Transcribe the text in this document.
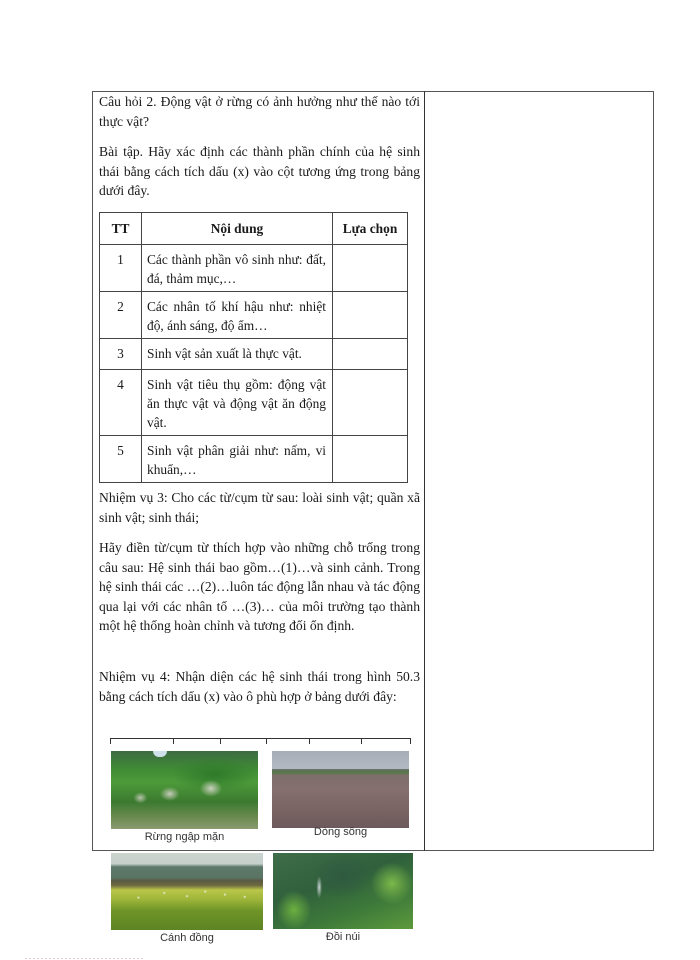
Câu hỏi 2. Động vật ở rừng có ảnh hưởng như thế nào tới thực vật?

Bài tập. Hãy xác định các thành phần chính của hệ sinh thái bằng cách tích dấu (x) vào cột tương ứng trong bảng dưới đây.

TT	Nội dung	Lựa chọn

1	Các thành phần vô sinh như: đất, đá, thảm mục,…	

2	Các nhân tố khí hậu như: nhiệt độ, ánh sáng, độ ẩm…	

3	Sinh vật sản xuất là thực vật.	

4	Sinh vật tiêu thụ gồm: động vật ăn thực vật và động vật ăn động vật.	

5	Sinh vật phân giải như: nấm, vi khuẩn,…	

Nhiệm vụ 3: Cho các từ/cụm từ sau: loài sinh vật; quần xã sinh vật; sinh thái;

Hãy điền từ/cụm từ thích hợp vào những chỗ trống trong câu sau: Hệ sinh thái bao gồm…(1)…và sinh cảnh. Trong hệ sinh thái các …(2)…luôn tác động lẫn nhau và tác động qua lại với các nhân tố …(3)… của môi trường tạo thành một hệ thống hoàn chỉnh và tương đối ổn định.

Nhiệm vụ 4: Nhận diện các hệ sinh thái trong hình 50.3 bằng cách tích dấu (x) vào ô phù hợp ở bảng dưới đây:

Rừng ngập mặn	Dòng sông
Cánh đồng	Đồi núi
